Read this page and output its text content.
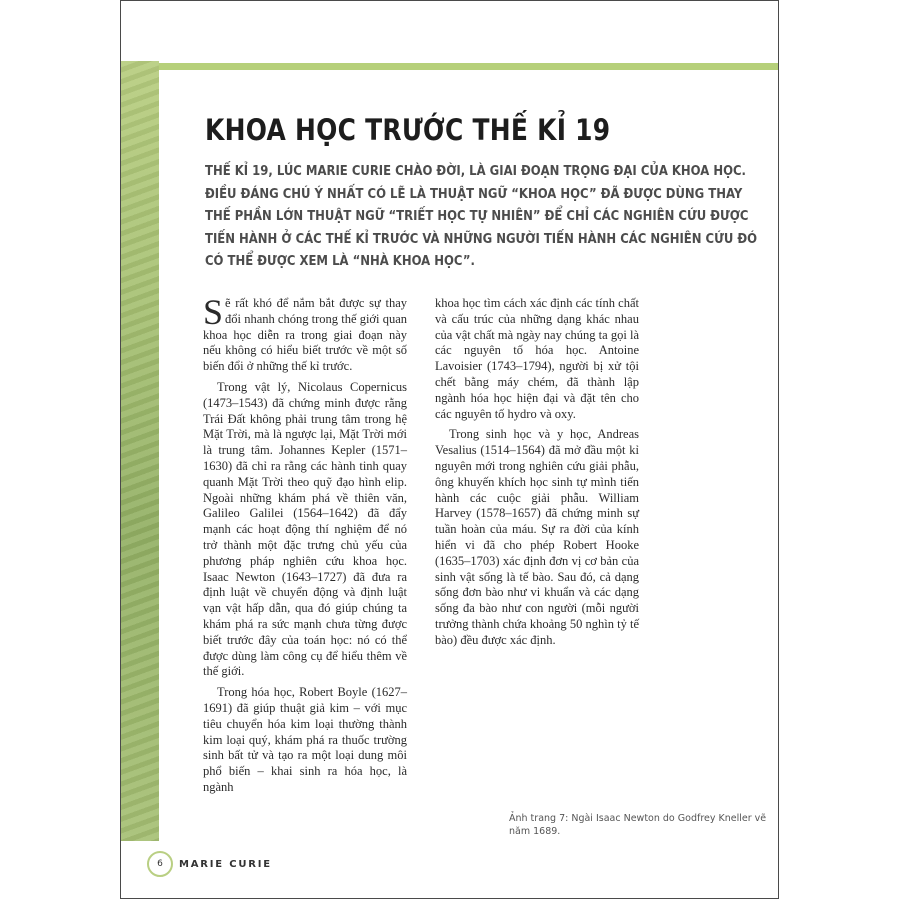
KHOA HỌC TRƯỚC THẾ KỈ 19
THẾ KỈ 19, LÚC MARIE CURIE CHÀO ĐỜI, LÀ GIAI ĐOẠN TRỌNG ĐẠI CỦA KHOA HỌC. ĐIỀU ĐÁNG CHÚ Ý NHẤT CÓ LẼ LÀ THUẬT NGỮ “KHOA HỌC” ĐÃ ĐƯỢC DÙNG THAY THẾ PHẦN LỚN THUẬT NGỮ “TRIẾT HỌC TỰ NHIÊN” ĐỂ CHỈ CÁC NGHIÊN CỨU ĐƯỢC TIẾN HÀNH Ở CÁC THẾ KỈ TRƯỚC VÀ NHỮNG NGƯỜI TIẾN HÀNH CÁC NGHIÊN CỨU ĐÓ CÓ THỂ ĐƯỢC XEM LÀ “NHÀ KHOA HỌC”.

Sẽ rất khó để nắm bắt được sự thay đổi nhanh chóng trong thế giới quan khoa học diễn ra trong giai đoạn này nếu không có hiểu biết trước về một số biến đổi ở những thế kỉ trước.

Trong vật lý, Nicolaus Copernicus (1473–1543) đã chứng minh được rằng Trái Đất không phải trung tâm trong hệ Mặt Trời, mà là ngược lại, Mặt Trời mới là trung tâm. Johannes Kepler (1571–1630) đã chỉ ra rằng các hành tinh quay quanh Mặt Trời theo quỹ đạo hình elip. Ngoài những khám phá về thiên văn, Galileo Galilei (1564–1642) đã đẩy mạnh các hoạt động thí nghiệm để nó trở thành một đặc trưng chủ yếu của phương pháp nghiên cứu khoa học. Isaac Newton (1643–1727) đã đưa ra định luật về chuyển động và định luật vạn vật hấp dẫn, qua đó giúp chúng ta khám phá ra sức mạnh chưa từng được biết trước đây của toán học: nó có thể được dùng làm công cụ để hiểu thêm về thế giới.

Trong hóa học, Robert Boyle (1627–1691) đã giúp thuật giả kim – với mục tiêu chuyển hóa kim loại thường thành kim loại quý, khám phá ra thuốc trường sinh bất tử và tạo ra một loại dung môi phổ biến – khai sinh ra hóa học, là ngành

khoa học tìm cách xác định các tính chất và cấu trúc của những dạng khác nhau của vật chất mà ngày nay chúng ta gọi là các nguyên tố hóa học. Antoine Lavoisier (1743–1794), người bị xử tội chết bằng máy chém, đã thành lập ngành hóa học hiện đại và đặt tên cho các nguyên tố hydro và oxy.

Trong sinh học và y học, Andreas Vesalius (1514–1564) đã mở đầu một kỉ nguyên mới trong nghiên cứu giải phẫu, ông khuyến khích học sinh tự mình tiến hành các cuộc giải phẫu. William Harvey (1578–1657) đã chứng minh sự tuần hoàn của máu. Sự ra đời của kính hiển vi đã cho phép Robert Hooke (1635–1703) xác định đơn vị cơ bản của sinh vật sống là tế bào. Sau đó, cả dạng sống đơn bào như vi khuẩn và các dạng sống đa bào như con người (mỗi người trưởng thành chứa khoảng 50 nghìn tỷ tế bào) đều được xác định.

Ảnh trang 7: Ngài Isaac Newton do Godfrey Kneller vẽ năm 1689.
6	MARIE CURIE
